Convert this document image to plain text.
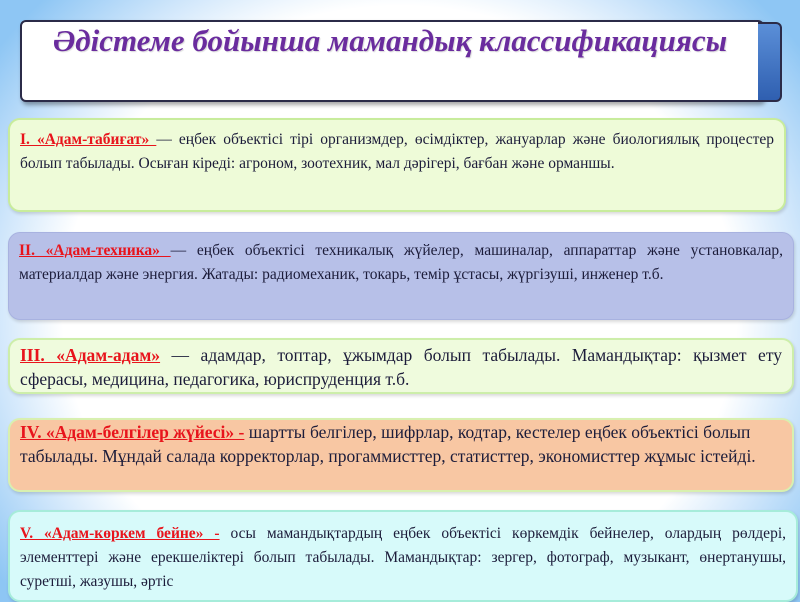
Әдістеме бойынша мамандық классификациясы

I. «Адам-табиғат» — еңбек объектісі тірі организмдер, өсімдіктер, жануарлар және биологиялық процестер болып табылады. Осыған кіреді: агроном, зоотехник, мал дәрігері, бағбан және орманшы.

II. «Адам-техника» — еңбек объектісі техникалық жүйелер, машиналар, аппараттар және установкалар, материалдар және энергия. Жатады: радиомеханик, токарь, темір ұстасы, жүргізуші, инженер т.б.

III. «Адам-адам» — адамдар, топтар, ұжымдар болып табылады. Мамандықтар: қызмет ету сферасы, медицина, педагогика, юриспруденция т.б.

IV. «Адам-белгілер жүйесі» - шартты белгілер, шифрлар, кодтар, кестелер еңбек объектісі болып табылады. Мұндай салада корректорлар, прогаммисттер, статисттер, экономисттер жұмыс істейді.

V. «Адам-көркем бейне» - осы мамандықтардың еңбек объектісі көркемдік бейнелер, олардың рөлдері, элементтері және ерекшеліктері болып табылады. Мамандықтар: зергер, фотограф, музыкант, өнертанушы, суретші, жазушы, әртіс
